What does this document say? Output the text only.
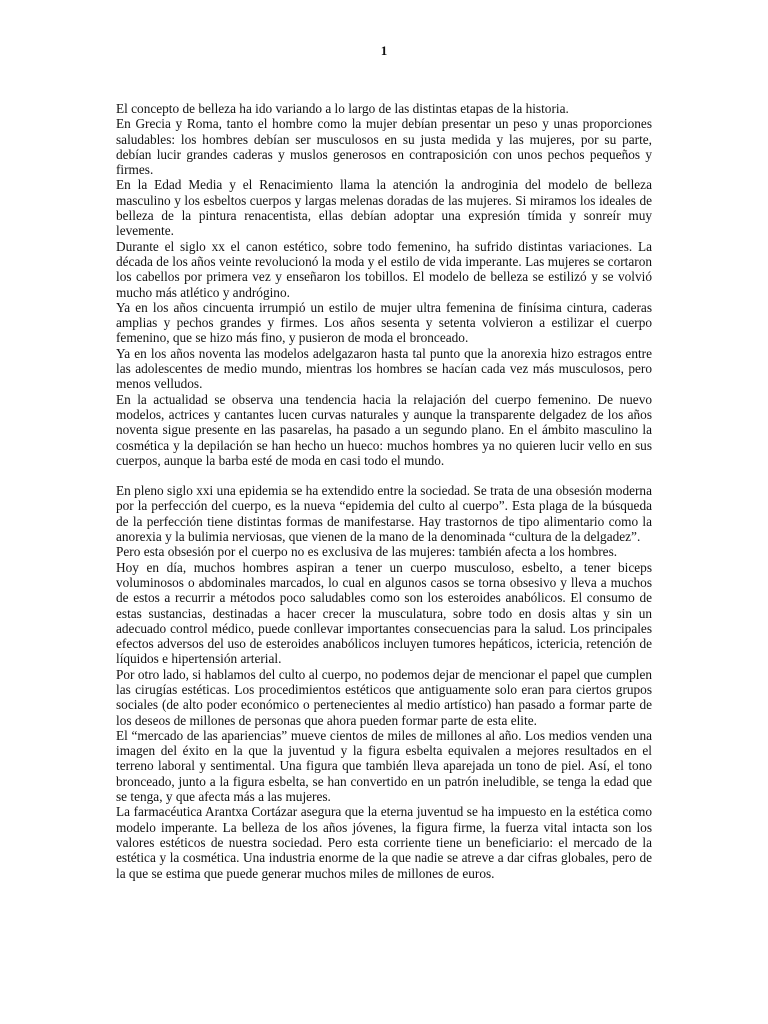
1

El concepto de belleza ha ido variando a lo largo de las distintas etapas de la historia.

En Grecia y Roma, tanto el hombre como la mujer debían presentar un peso y unas proporciones saludables: los hombres debían ser musculosos en su justa medida y las mujeres, por su parte, debían lucir grandes caderas y muslos generosos en contraposición con unos pechos pequeños y firmes.

En la Edad Media y el Renacimiento llama la atención la androginia del modelo de belleza masculino y los esbeltos cuerpos y largas melenas doradas de las mujeres. Si miramos los ideales de belleza de la pintura renacentista, ellas debían adoptar una expresión tímida y sonreír muy levemente.

Durante el siglo xx el canon estético, sobre todo femenino, ha sufrido distintas variaciones. La década de los años veinte revolucionó la moda y el estilo de vida imperante. Las mujeres se cortaron los cabellos por primera vez y enseñaron los tobillos. El modelo de belleza se estilizó y se volvió mucho más atlético y andrógino.

Ya en los años cincuenta irrumpió un estilo de mujer ultra femenina de finísima cintura, caderas amplias y pechos grandes y firmes. Los años sesenta y setenta volvieron a estilizar el cuerpo femenino, que se hizo más fino, y pusieron de moda el bronceado.

Ya en los años noventa las modelos adelgazaron hasta tal punto que la anorexia hizo estragos entre las adolescentes de medio mundo, mientras los hombres se hacían cada vez más musculosos, pero menos velludos.

En la actualidad se observa una tendencia hacia la relajación del cuerpo femenino. De nuevo modelos, actrices y cantantes lucen curvas naturales y aunque la transparente delgadez de los años noventa sigue presente en las pasarelas, ha pasado a un segundo plano. En el ámbito masculino la cosmética y la depilación se han hecho un hueco: muchos hombres ya no quieren lucir vello en sus cuerpos, aunque la barba esté de moda en casi todo el mundo.

En pleno siglo xxi una epidemia se ha extendido entre la sociedad. Se trata de una obsesión moderna por la perfección del cuerpo, es la nueva “epidemia del culto al cuerpo”. Esta plaga de la búsqueda de la perfección tiene distintas formas de manifestarse. Hay trastornos de tipo alimentario como la anorexia y la bulimia nerviosas, que vienen de la mano de la denominada “cultura de la delgadez”.

Pero esta obsesión por el cuerpo no es exclusiva de las mujeres: también afecta a los hombres.

Hoy en día, muchos hombres aspiran a tener un cuerpo musculoso, esbelto, a tener biceps voluminosos o abdominales marcados, lo cual en algunos casos se torna obsesivo y lleva a muchos de estos a recurrir a métodos poco saludables como son los esteroides anabólicos. El consumo de estas sustancias, destinadas a hacer crecer la musculatura, sobre todo en dosis altas y sin un adecuado control médico, puede conllevar importantes consecuencias para la salud. Los principales efectos adversos del uso de esteroides anabólicos incluyen tumores hepáticos, ictericia, retención de líquidos e hipertensión arterial.

Por otro lado, si hablamos del culto al cuerpo, no podemos dejar de mencionar el papel que cumplen las cirugías estéticas. Los procedimientos estéticos que antiguamente solo eran para ciertos grupos sociales (de alto poder económico o pertenecientes al medio artístico) han pasado a formar parte de los deseos de millones de personas que ahora pueden formar parte de esta elite.

El “mercado de las apariencias” mueve cientos de miles de millones al año. Los medios venden una imagen del éxito en la que la juventud y la figura esbelta equivalen a mejores resultados en el terreno laboral y sentimental. Una figura que también lleva aparejada un tono de piel. Así, el tono bronceado, junto a la figura esbelta, se han convertido en un patrón ineludible, se tenga la edad que se tenga, y que afecta más a las mujeres.

La farmacéutica Arantxa Cortázar asegura que la eterna juventud se ha impuesto en la estética como modelo imperante. La belleza de los años jóvenes, la figura firme, la fuerza vital intacta son los valores estéticos de nuestra sociedad. Pero esta corriente tiene un beneficiario: el mercado de la estética y la cosmética. Una industria enorme de la que nadie se atreve a dar cifras globales, pero de la que se estima que puede generar muchos miles de millones de euros.
